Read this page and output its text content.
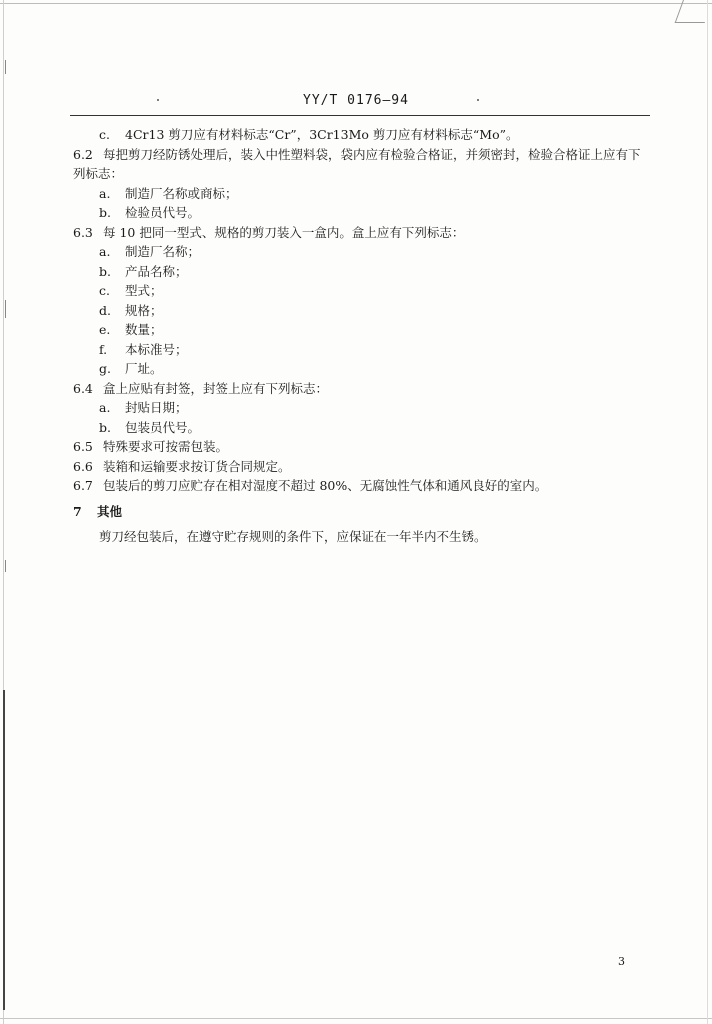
YY/T 0176—94
c. 4Cr13 剪刀应有材料标志“Cr”，3Cr13Mo 剪刀应有材料标志“Mo”。
6.2 每把剪刀经防锈处理后，装入中性塑料袋，袋内应有检验合格证，并须密封，检验合格证上应有下
列标志：
a. 制造厂名称或商标；
b. 检验员代号。
6.3 每 10 把同一型式、规格的剪刀装入一盒内。盒上应有下列标志：
a. 制造厂名称；
b. 产品名称；
c. 型式；
d. 规格；
e. 数量；
f. 本标准号；
g. 厂址。
6.4 盒上应贴有封签，封签上应有下列标志：
a. 封贴日期；
b. 包装员代号。
6.5 特殊要求可按需包装。
6.6 装箱和运输要求按订货合同规定。
6.7 包装后的剪刀应贮存在相对湿度不超过 80%、无腐蚀性气体和通风良好的室内。
7 其他
剪刀经包装后，在遵守贮存规则的条件下，应保证在一年半内不生锈。
3
